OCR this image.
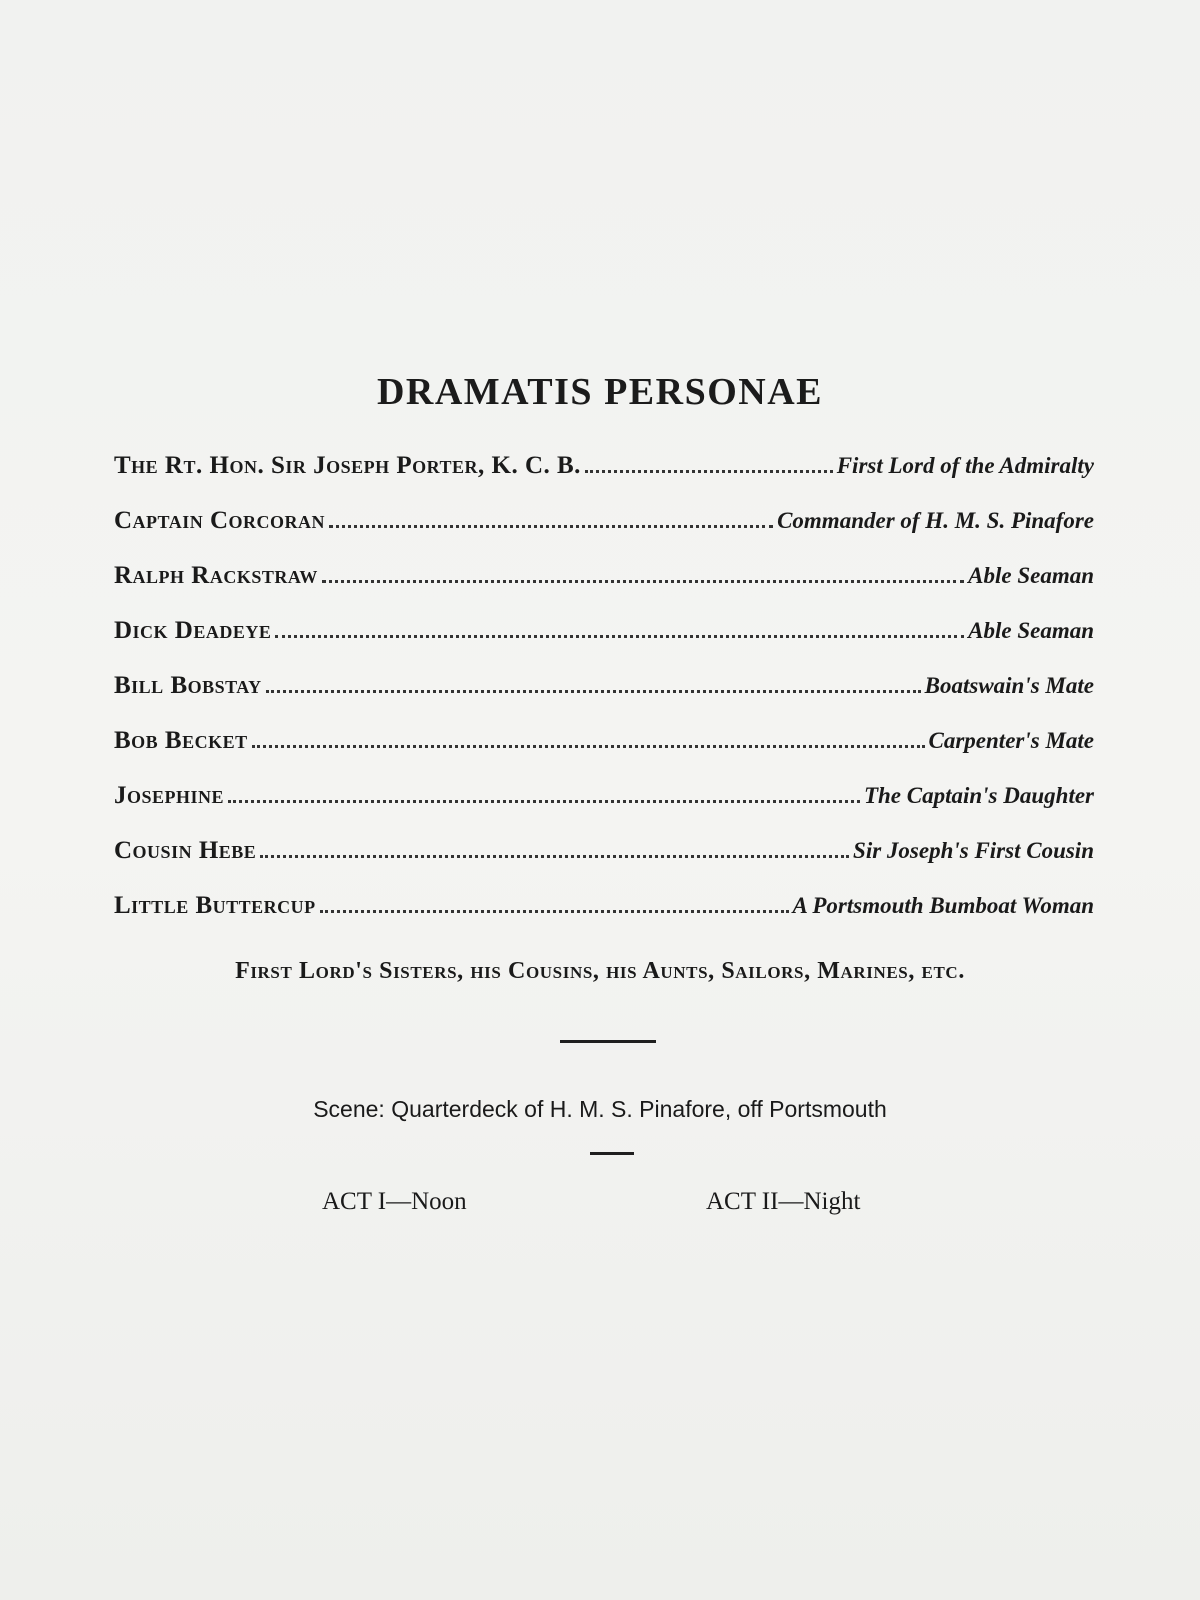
DRAMATIS PERSONAE
The Rt. Hon. Sir Joseph Porter, K. C. B.	First Lord of the Admiralty
Captain Corcoran	Commander of H. M. S. Pinafore
Ralph Rackstraw	Able Seaman
Dick Deadeye	Able Seaman
Bill Bobstay	Boatswain's Mate
Bob Becket	Carpenter's Mate
Josephine	The Captain's Daughter
Cousin Hebe	Sir Joseph's First Cousin
Little Buttercup	A Portsmouth Bumboat Woman
First Lord's Sisters, his Cousins, his Aunts, Sailors, Marines, etc.
Scene: Quarterdeck of H. M. S. Pinafore, off Portsmouth
ACT I—Noon	ACT II—Night
